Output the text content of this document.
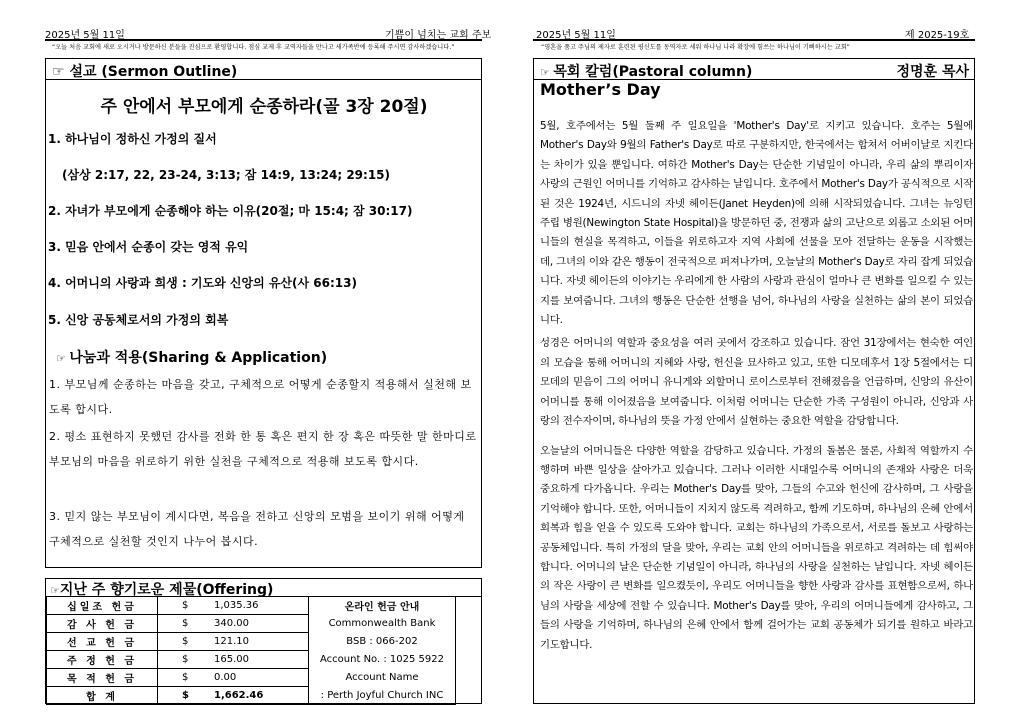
2025년 5월 11일	기쁨이 넘치는 교회 주보	2025년 5월 11일	제 2025-19호
“오늘 처음 교회에 새로 오시거나 방문하신 분들을 진심으로 환영합니다. 점심 교제 후 교역자들을 만나고 새가족반에 등록해 주시면 감사하겠습니다.”	“영혼을 품고 주님의 제자로 훈련된 평신도를 동역자로 세워 하나님 나라 확장에 힘쓰는 하나님이 기뻐하시는 교회”
☞ 설교 (Sermon Outline)
주 안에서 부모에게 순종하라(골 3장 20절)
1. 하나님이 정하신 가정의 질서
(삼상 2:17, 22, 23-24, 3:13; 잠 14:9, 13:24; 29:15)
2. 자녀가 부모에게 순종해야 하는 이유(20절; 마 15:4; 잠 30:17)
3. 믿음 안에서 순종이 갖는 영적 유익
4. 어머니의 사랑과 희생 : 기도와 신앙의 유산(사 66:13)
5. 신앙 공동체로서의 가정의 회복
☞ 나눔과 적용(Sharing & Application)
1. 부모님께 순종하는 마음을 갖고, 구체적으로 어떻게 순종할지 적용해서 실천해 보도록 합시다.
2. 평소 표현하지 못했던 감사를 전화 한 통 혹은 편지 한 장 혹은 따뜻한 말 한마디로 부모님의 마음을 위로하기 위한 실천을 구체적으로 적용해 보도록 합시다.
3. 믿지 않는 부모님이 계시다면, 복음을 전하고 신앙의 모범을 보이기 위해 어떻게 구체적으로 실천할 것인지 나누어 봅시다.
☞지난 주 향기로운 제물(Offering)
십일조 헌금	$ 1,035.36	온라인 헌금 안내
감 사 헌 금	$ 340.00	Commonwealth Bank
선 교 헌 금	$ 121.10	BSB : 066-202
주 정 헌 금	$ 165.00	Account No. : 1025 5922
목 적 헌 금	$ 0.00	Account Name
합 계	$ 1,662.46	: Perth Joyful Church INC
☞ 목회 칼럼(Pastoral column)	정명훈 목사
Mother’s Day

5월, 호주에서는 5월 둘째 주 일요일을 'Mother's Day'로 지키고 있습니다. 호주는 5월에 Mother's Day와 9월의 Father's Day로 따로 구분하지만, 한국에서는 합쳐서 어버이날로 지킨다는 차이가 있을 뿐입니다. 여하간 Mother's Day는 단순한 기념일이 아니라, 우리 삶의 뿌리이자 사랑의 근원인 어머니를 기억하고 감사하는 날입니다. 호주에서 Mother's Day가 공식적으로 시작된 것은 1924년, 시드니의 자넷 헤이든(Janet Heyden)에 의해 시작되었습니다. 그녀는 뉴잉턴 주립 병원(Newington State Hospital)을 방문하던 중, 전쟁과 삶의 고난으로 외롭고 소외된 어머니들의 현실을 목격하고, 이들을 위로하고자 지역 사회에 선물을 모아 전달하는 운동을 시작했는데, 그녀의 이와 같은 행동이 전국적으로 퍼져나가며, 오늘날의 Mother's Day로 자리 잡게 되었습니다. 자넷 헤이든의 이야기는 우리에게 한 사람의 사랑과 관심이 얼마나 큰 변화를 일으킬 수 있는지를 보여줍니다. 그녀의 행동은 단순한 선행을 넘어, 하나님의 사랑을 실천하는 삶의 본이 되었습니다.

성경은 어머니의 역할과 중요성을 여러 곳에서 강조하고 있습니다. 잠언 31장에서는 현숙한 여인의 모습을 통해 어머니의 지혜와 사랑, 헌신을 묘사하고 있고, 또한 디모데후서 1장 5절에서는 디모데의 믿음이 그의 어머니 유니게와 외할머니 로이스로부터 전해졌음을 언급하며, 신앙의 유산이 어머니를 통해 이어졌음을 보여줍니다. 이처럼 어머니는 단순한 가족 구성원이 아니라, 신앙과 사랑의 전수자이며, 하나님의 뜻을 가정 안에서 실현하는 중요한 역할을 감당합니다.

오늘날의 어머니들은 다양한 역할을 감당하고 있습니다. 가정의 돌봄은 물론, 사회적 역할까지 수행하며 바쁜 일상을 살아가고 있습니다. 그러나 이러한 시대일수록 어머니의 존재와 사랑은 더욱 중요하게 다가옵니다. 우리는 Mother's Day를 맞아, 그들의 수고와 헌신에 감사하며, 그 사랑을 기억해야 합니다. 또한, 어머니들이 지치지 않도록 격려하고, 함께 기도하며, 하나님의 은혜 안에서 회복과 힘을 얻을 수 있도록 도와야 합니다. 교회는 하나님의 가족으로서, 서로를 돌보고 사랑하는 공동체입니다. 특히 가정의 달을 맞아, 우리는 교회 안의 어머니들을 위로하고 격려하는 데 힘써야 합니다. 어머니의 날은 단순한 기념일이 아니라, 하나님의 사랑을 실천하는 날입니다. 자넷 헤이든의 작은 사랑이 큰 변화를 일으켰듯이, 우리도 어머니들을 향한 사랑과 감사를 표현함으로써, 하나님의 사랑을 세상에 전할 수 있습니다. Mother's Day를 맞아, 우리의 어머니들에게 감사하고, 그들의 사랑을 기억하며, 하나님의 은혜 안에서 함께 걸어가는 교회 공동체가 되기를 원하고 바라고 기도합니다.
